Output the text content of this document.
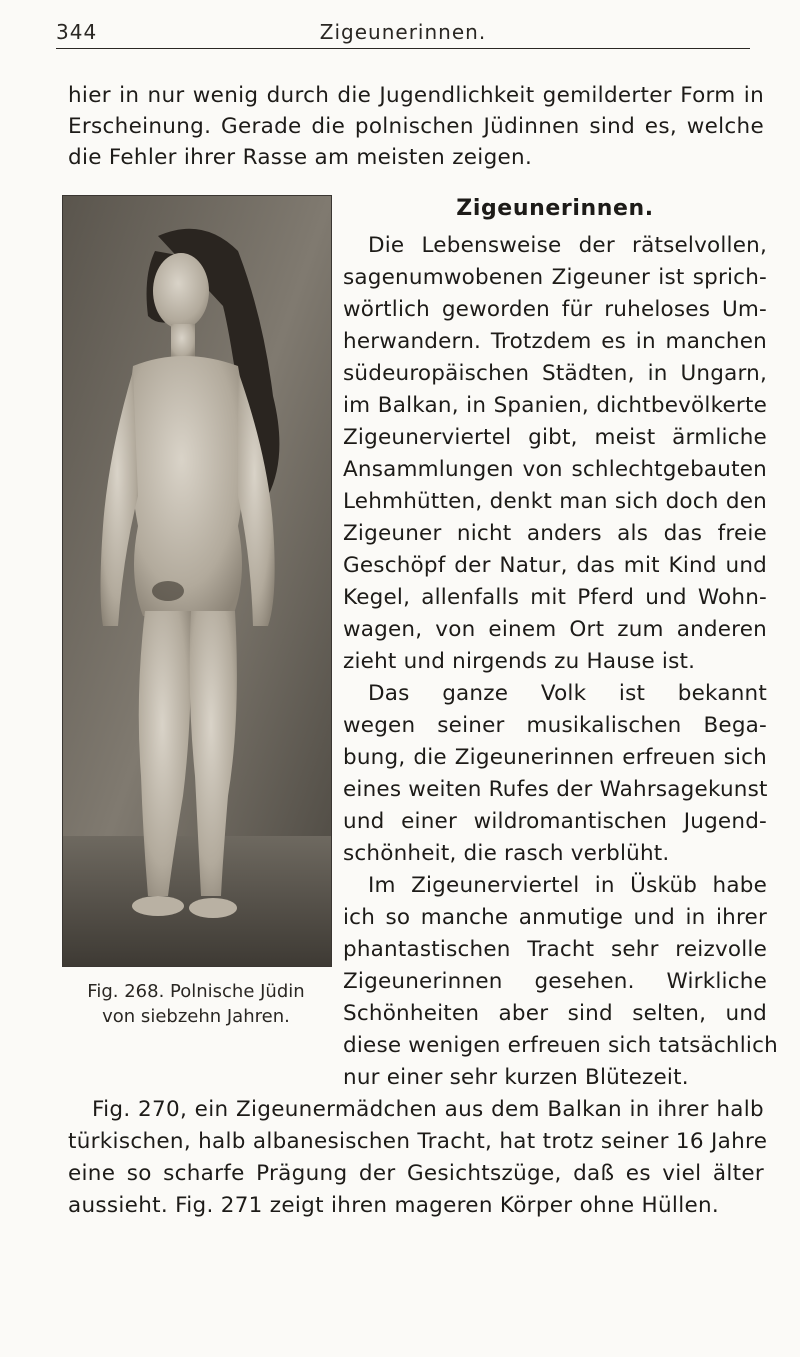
344	Zigeunerinnen.
hier in nur wenig durch die Jugendlichkeit gemilderter Form in
Erscheinung. Gerade die polnischen Jüdinnen sind es, welche
die Fehler ihrer Rasse am meisten zeigen.
Fig. 268. Polnische Jüdin
von siebzehn Jahren.
Zigeunerinnen.
Die Lebensweise der rätselvollen,
sagenumwobenen Zigeuner ist sprich-
wörtlich geworden für ruheloses Um-
herwandern. Trotzdem es in manchen
südeuropäischen Städten, in Ungarn,
im Balkan, in Spanien, dichtbevölkerte
Zigeunerviertel gibt, meist ärmliche
Ansammlungen von schlechtgebauten
Lehmhütten, denkt man sich doch den
Zigeuner nicht anders als das freie
Geschöpf der Natur, das mit Kind und
Kegel, allenfalls mit Pferd und Wohn-
wagen, von einem Ort zum anderen
zieht und nirgends zu Hause ist.
Das ganze Volk ist bekannt
wegen seiner musikalischen Bega-
bung, die Zigeunerinnen erfreuen sich
eines weiten Rufes der Wahrsagekunst
und einer wildromantischen Jugend-
schönheit, die rasch verblüht.
Im Zigeunerviertel in Üsküb habe
ich so manche anmutige und in ihrer
phantastischen Tracht sehr reizvolle
Zigeunerinnen gesehen. Wirkliche
Schönheiten aber sind selten, und
diese wenigen erfreuen sich tatsächlich
nur einer sehr kurzen Blütezeit.
Fig. 270, ein Zigeunermädchen aus dem Balkan in ihrer halb
türkischen, halb albanesischen Tracht, hat trotz seiner 16 Jahre
eine so scharfe Prägung der Gesichtszüge, daß es viel älter
aussieht. Fig. 271 zeigt ihren mageren Körper ohne Hüllen.
